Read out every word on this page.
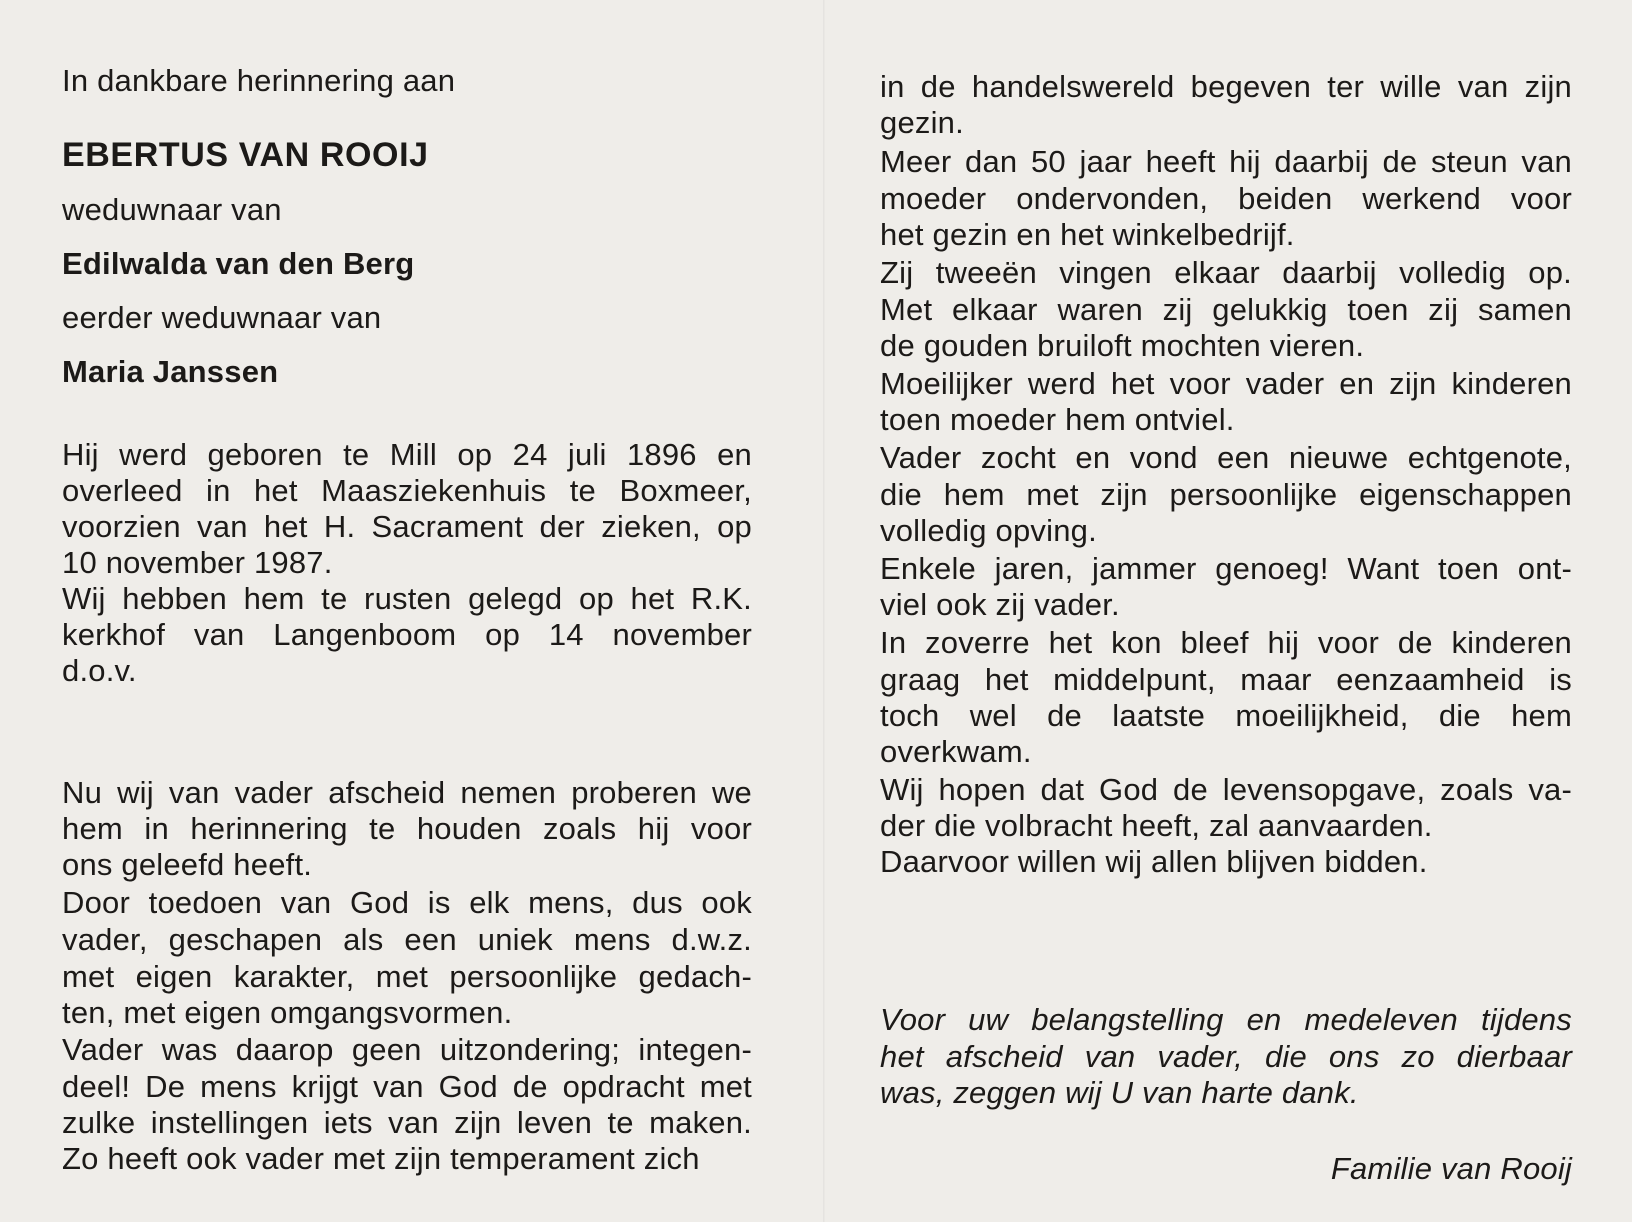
In dankbare herinnering aan
EBERTUS VAN ROOIJ
weduwnaar van
Edilwalda van den Berg
eerder weduwnaar van
Maria Janssen
Hij werd geboren te Mill op 24 juli 1896 en
overleed in het Maasziekenhuis te Boxmeer,
voorzien van het H. Sacrament der zieken, op
10 november 1987.
Wij hebben hem te rusten gelegd op het R.K.
kerkhof van Langenboom op 14 november
d.o.v.
Nu wij van vader afscheid nemen proberen we
hem in herinnering te houden zoals hij voor
ons geleefd heeft.
Door toedoen van God is elk mens, dus ook
vader, geschapen als een uniek mens d.w.z.
met eigen karakter, met persoonlijke gedach-
ten, met eigen omgangsvormen.
Vader was daarop geen uitzondering; integen-
deel! De mens krijgt van God de opdracht met
zulke instellingen iets van zijn leven te maken.
Zo heeft ook vader met zijn temperament zich
in de handelswereld begeven ter wille van zijn
gezin.
Meer dan 50 jaar heeft hij daarbij de steun van
moeder ondervonden, beiden werkend voor
het gezin en het winkelbedrijf.
Zij tweeën vingen elkaar daarbij volledig op.
Met elkaar waren zij gelukkig toen zij samen
de gouden bruiloft mochten vieren.
Moeilijker werd het voor vader en zijn kinderen
toen moeder hem ontviel.
Vader zocht en vond een nieuwe echtgenote,
die hem met zijn persoonlijke eigenschappen
volledig opving.
Enkele jaren, jammer genoeg! Want toen ont-
viel ook zij vader.
In zoverre het kon bleef hij voor de kinderen
graag het middelpunt, maar eenzaamheid is
toch wel de laatste moeilijkheid, die hem
overkwam.
Wij hopen dat God de levensopgave, zoals va-
der die volbracht heeft, zal aanvaarden.
Daarvoor willen wij allen blijven bidden.
Voor uw belangstelling en medeleven tijdens
het afscheid van vader, die ons zo dierbaar
was, zeggen wij U van harte dank.
Familie van Rooij
